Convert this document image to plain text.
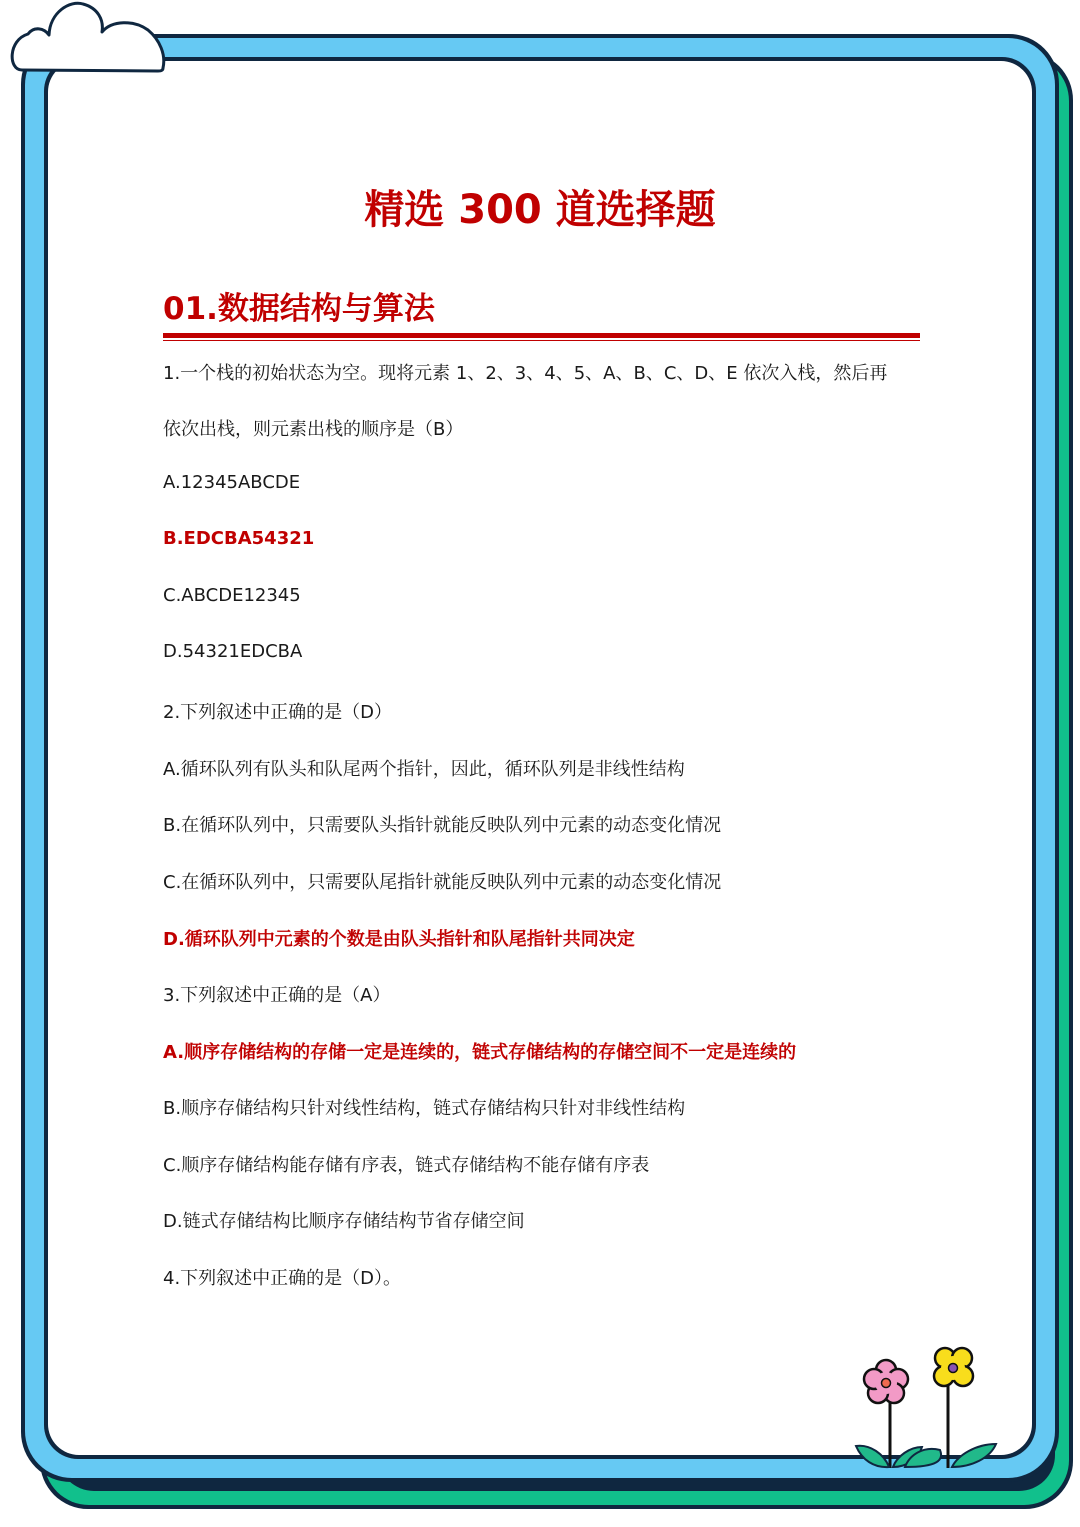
精选 300 道选择题
01.数据结构与算法
1.一个栈的初始状态为空。现将元素 1、2、3、4、5、A、B、C、D、E 依次入栈，然后再
依次出栈，则元素出栈的顺序是（B）
A.12345ABCDE
B.EDCBA54321
C.ABCDE12345
D.54321EDCBA
2.下列叙述中正确的是（D）
A.循环队列有队头和队尾两个指针，因此，循环队列是非线性结构
B.在循环队列中，只需要队头指针就能反映队列中元素的动态变化情况
C.在循环队列中，只需要队尾指针就能反映队列中元素的动态变化情况
D.循环队列中元素的个数是由队头指针和队尾指针共同决定
3.下列叙述中正确的是（A）
A.顺序存储结构的存储一定是连续的，链式存储结构的存储空间不一定是连续的
B.顺序存储结构只针对线性结构，链式存储结构只针对非线性结构
C.顺序存储结构能存储有序表，链式存储结构不能存储有序表
D.链式存储结构比顺序存储结构节省存储空间
4.下列叙述中正确的是（D）。
